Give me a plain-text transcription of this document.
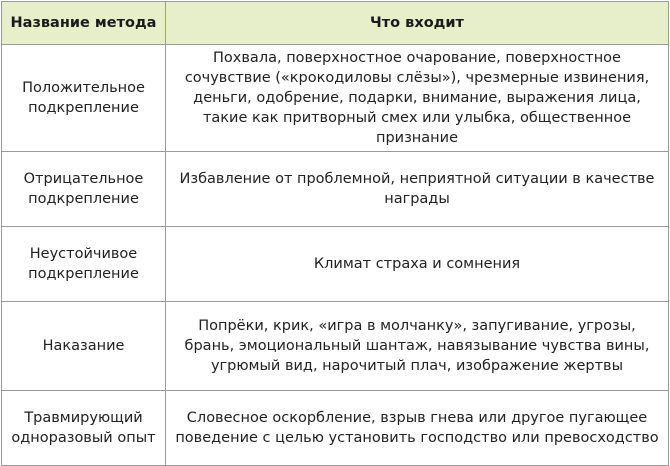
Название метода	Что входит
Положительное подкрепление	Похвала, поверхностное очарование, поверхностное сочувствие («крокодиловы слёзы»), чрезмерные извинения, деньги, одобрение, подарки, внимание, выражения лица, такие как притворный смех или улыбка, общественное признание
Отрицательное подкрепление	Избавление от проблемной, неприятной ситуации в качестве награды
Неустойчивое подкрепление	Климат страха и сомнения
Наказание	Попрёки, крик, «игра в молчанку», запугивание, угрозы, брань, эмоциональный шантаж, навязывание чувства вины, угрюмый вид, нарочитый плач, изображение жертвы
Травмирующий одноразовый опыт	Словесное оскорбление, взрыв гнева или другое пугающее поведение с целью установить господство или превосходство
